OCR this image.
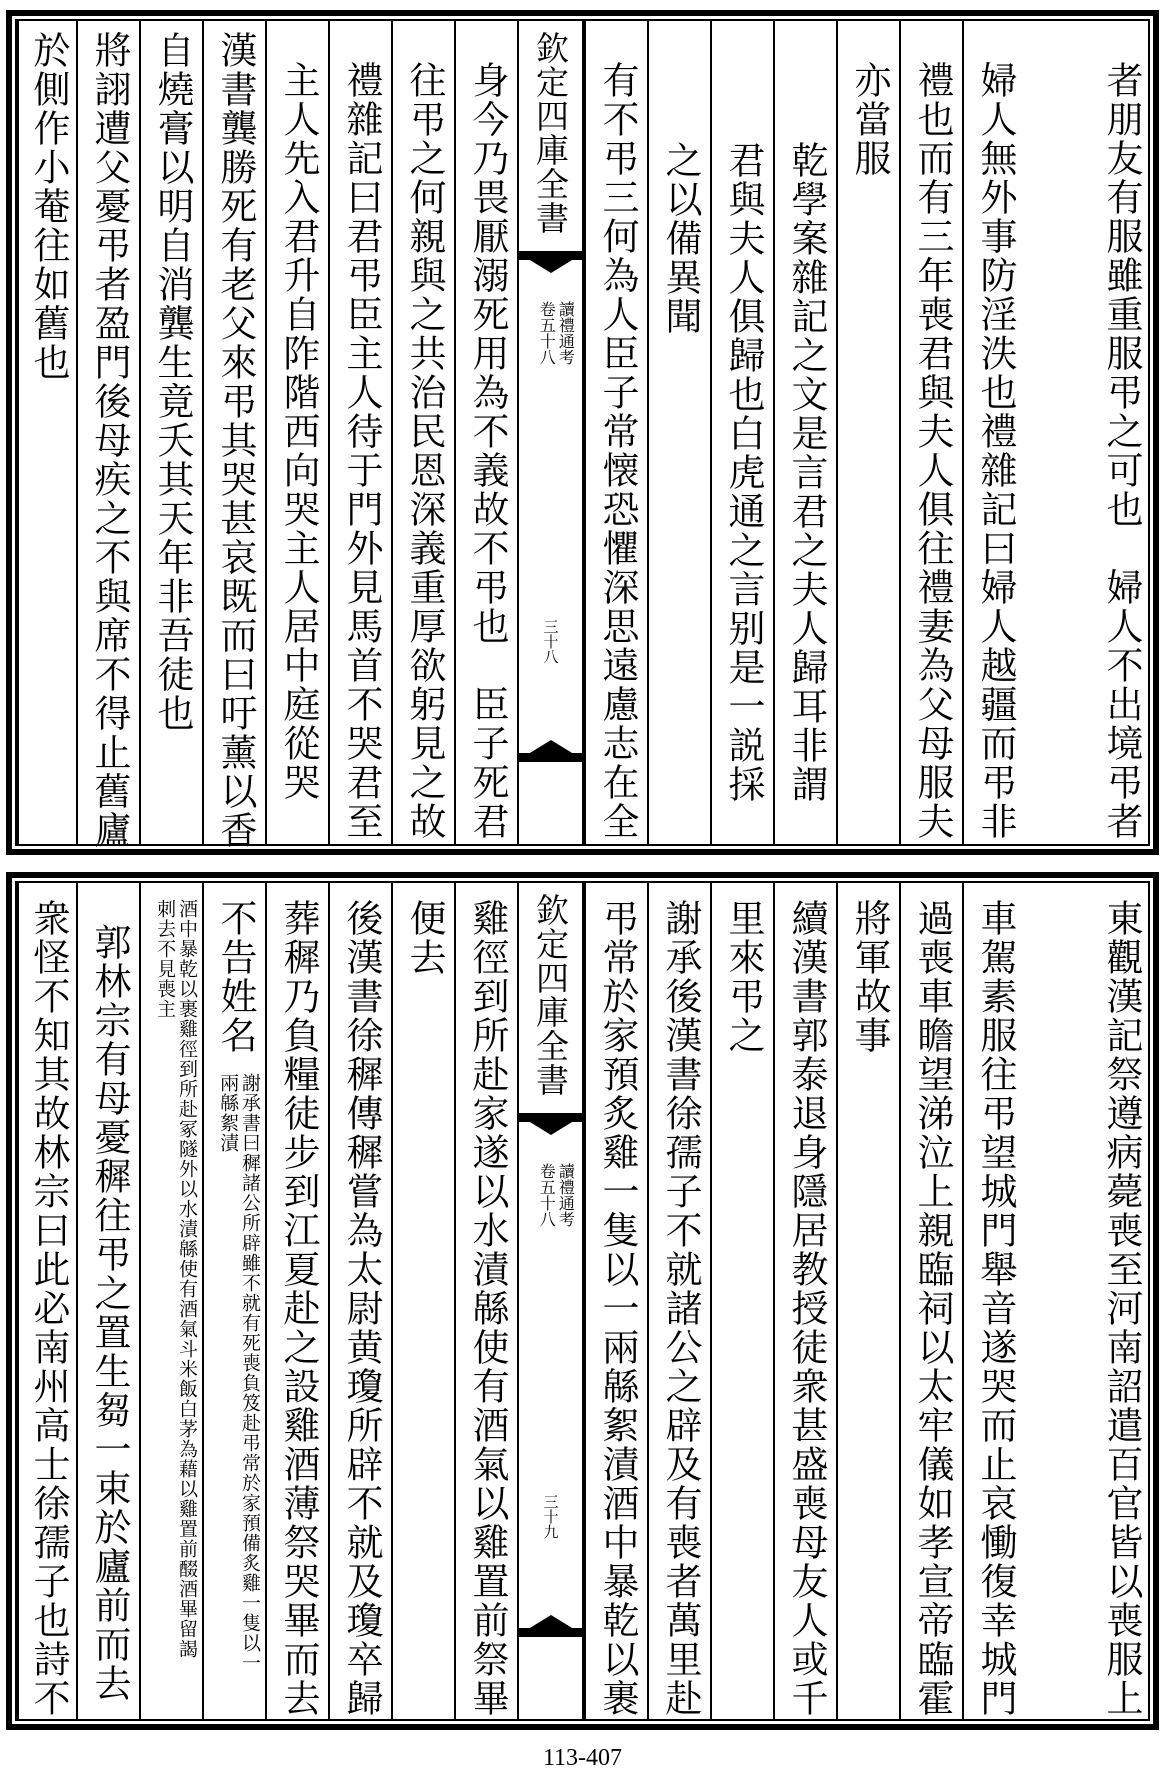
者朋友有服雖重服弔之可也　婦人不出境弔者
婦人無外事防淫泆也禮雜記曰婦人越疆而弔非
禮也而有三年喪君與夫人俱往禮妻為父母服夫
亦當服
乾學案雜記之文是言君之夫人歸耳非謂
君與夫人俱歸也白虎通之言别是一説採
之以備異聞
有不弔三何為人臣子常懐恐懼深思遠慮志在全
欽定四庫全書
讀禮通考
卷五十八
三十八
身今乃畏厭溺死用為不義故不弔也　臣子死君
往弔之何親與之共治民恩深義重厚欲躬見之故
禮雜記曰君弔臣主人待于門外見馬首不哭君至
主人先入君升自阼階西向哭主人居中庭從哭
漢書龔勝死有老父來弔其哭甚哀既而曰吁薰以香
自燒膏以明自消龔生竟夭其天年非吾徒也
將詡遭父憂弔者盈門後母疾之不與席不得止舊廬
於側作小菴往如舊也
東觀漢記祭遵病薨喪至河南詔遣百官皆以喪服上
車駕素服往弔望城門舉音遂哭而止哀慟復幸城門
過喪車瞻望涕泣上親臨祠以太牢儀如孝宣帝臨霍
將軍故事
續漢書郭泰退身隱居教授徒衆甚盛喪母友人或千
里來弔之
謝承後漢書徐孺子不就諸公之辟及有喪者萬里赴
弔常於家預炙雞一隻以一兩緜絮漬酒中暴乾以裹
欽定四庫全書
讀禮通考
卷五十八
三十九
雞徑到所赴家遂以水漬緜使有酒氣以雞置前祭畢
便去
後漢書徐穉傳穉嘗為太尉黄瓊所辟不就及瓊卒歸
葬穉乃負糧徒步到江夏赴之設雞酒薄祭哭畢而去
不告姓名
謝承書曰穉諸公所辟雖不就有死喪負笈赴弔常於家預備炙雞一隻以一兩緜絮漬
酒中暴乾以裹雞徑到所赴冢隧外以水漬緜使有酒氣斗米飯白茅為藉以雞置前醊酒畢留謁刺去不見喪主
郭林宗有母憂穉往弔之置生芻一束於廬前而去
衆怪不知其故林宗曰此必南州高士徐孺子也詩不
113-407
